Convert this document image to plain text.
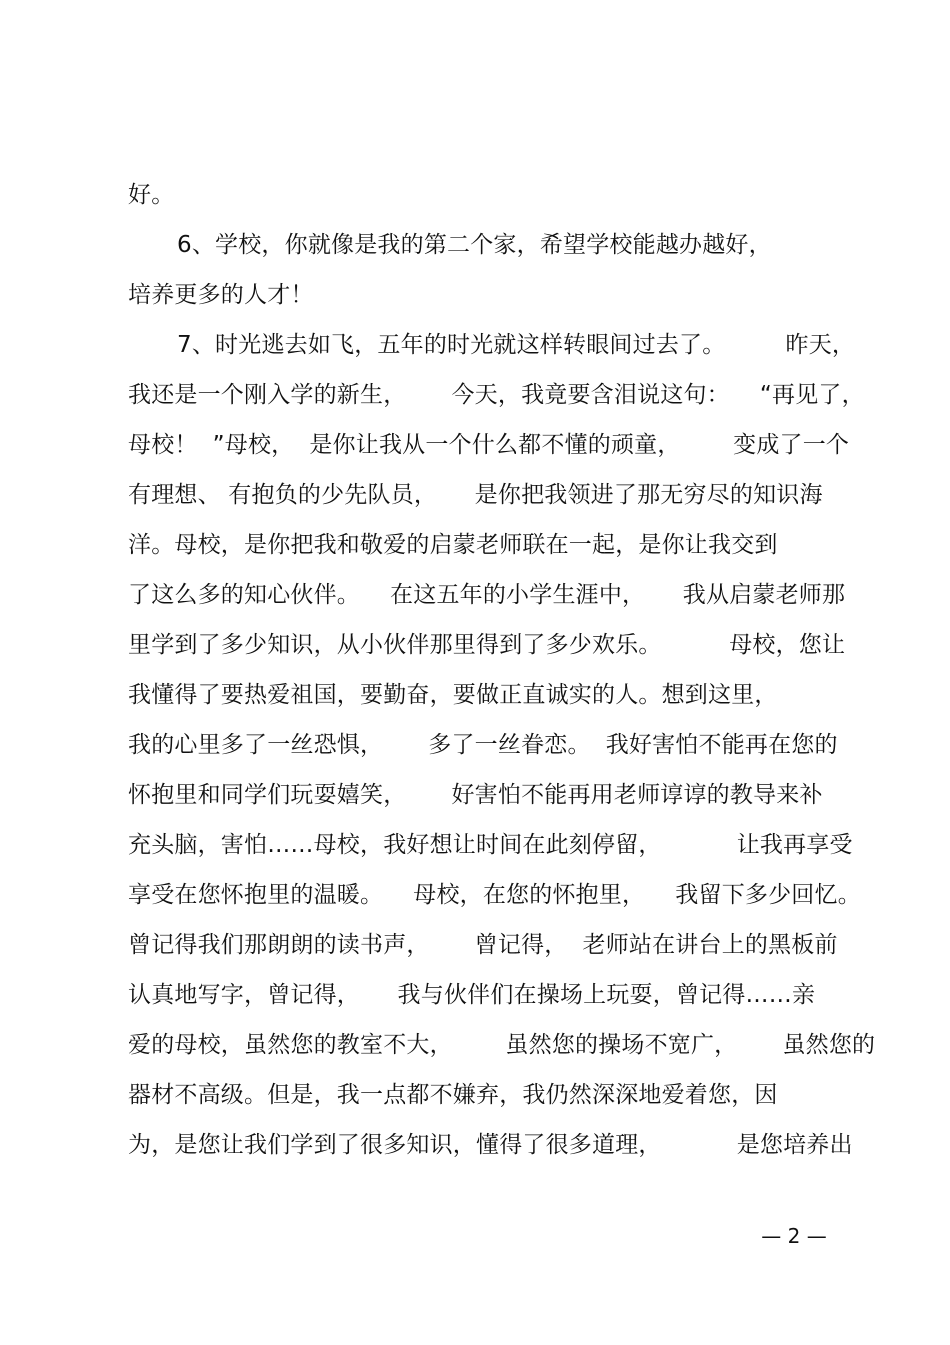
好。
6、学校，你就像是我的第二个家，希望学校能越办越好，
培养更多的人才！
7、时光逃去如飞，五年的时光就这样转眼间过去了。        昨天，
我还是一个刚入学的新生，      今天，我竟要含泪说这句：    “再见了，
母校！  ”母校，  是你让我从一个什么都不懂的顽童，       变成了一个
有理想、 有抱负的少先队员，     是你把我领进了那无穷尽的知识海
洋。母校，是你把我和敬爱的启蒙老师联在一起，是你让我交到
了这么多的知心伙伴。    在这五年的小学生涯中，     我从启蒙老师那
里学到了多少知识，从小伙伴那里得到了多少欢乐。         母校，您让
我懂得了要热爱祖国，要勤奋，要做正直诚实的人。想到这里，
我的心里多了一丝恐惧，      多了一丝眷恋。  我好害怕不能再在您的
怀抱里和同学们玩耍嬉笑，      好害怕不能再用老师谆谆的教导来补
充头脑，害怕……母校，我好想让时间在此刻停留，          让我再享受
享受在您怀抱里的温暖。    母校，在您的怀抱里，    我留下多少回忆。
曾记得我们那朗朗的读书声，      曾记得，  老师站在讲台上的黑板前
认真地写字，曾记得，     我与伙伴们在操场上玩耍，曾记得……亲
爱的母校，虽然您的教室不大，       虽然您的操场不宽广，      虽然您的
器材不高级。但是，我一点都不嫌弃，我仍然深深地爱着您，因
为，是您让我们学到了很多知识，懂得了很多道理，          是您培养出
— 2 —
